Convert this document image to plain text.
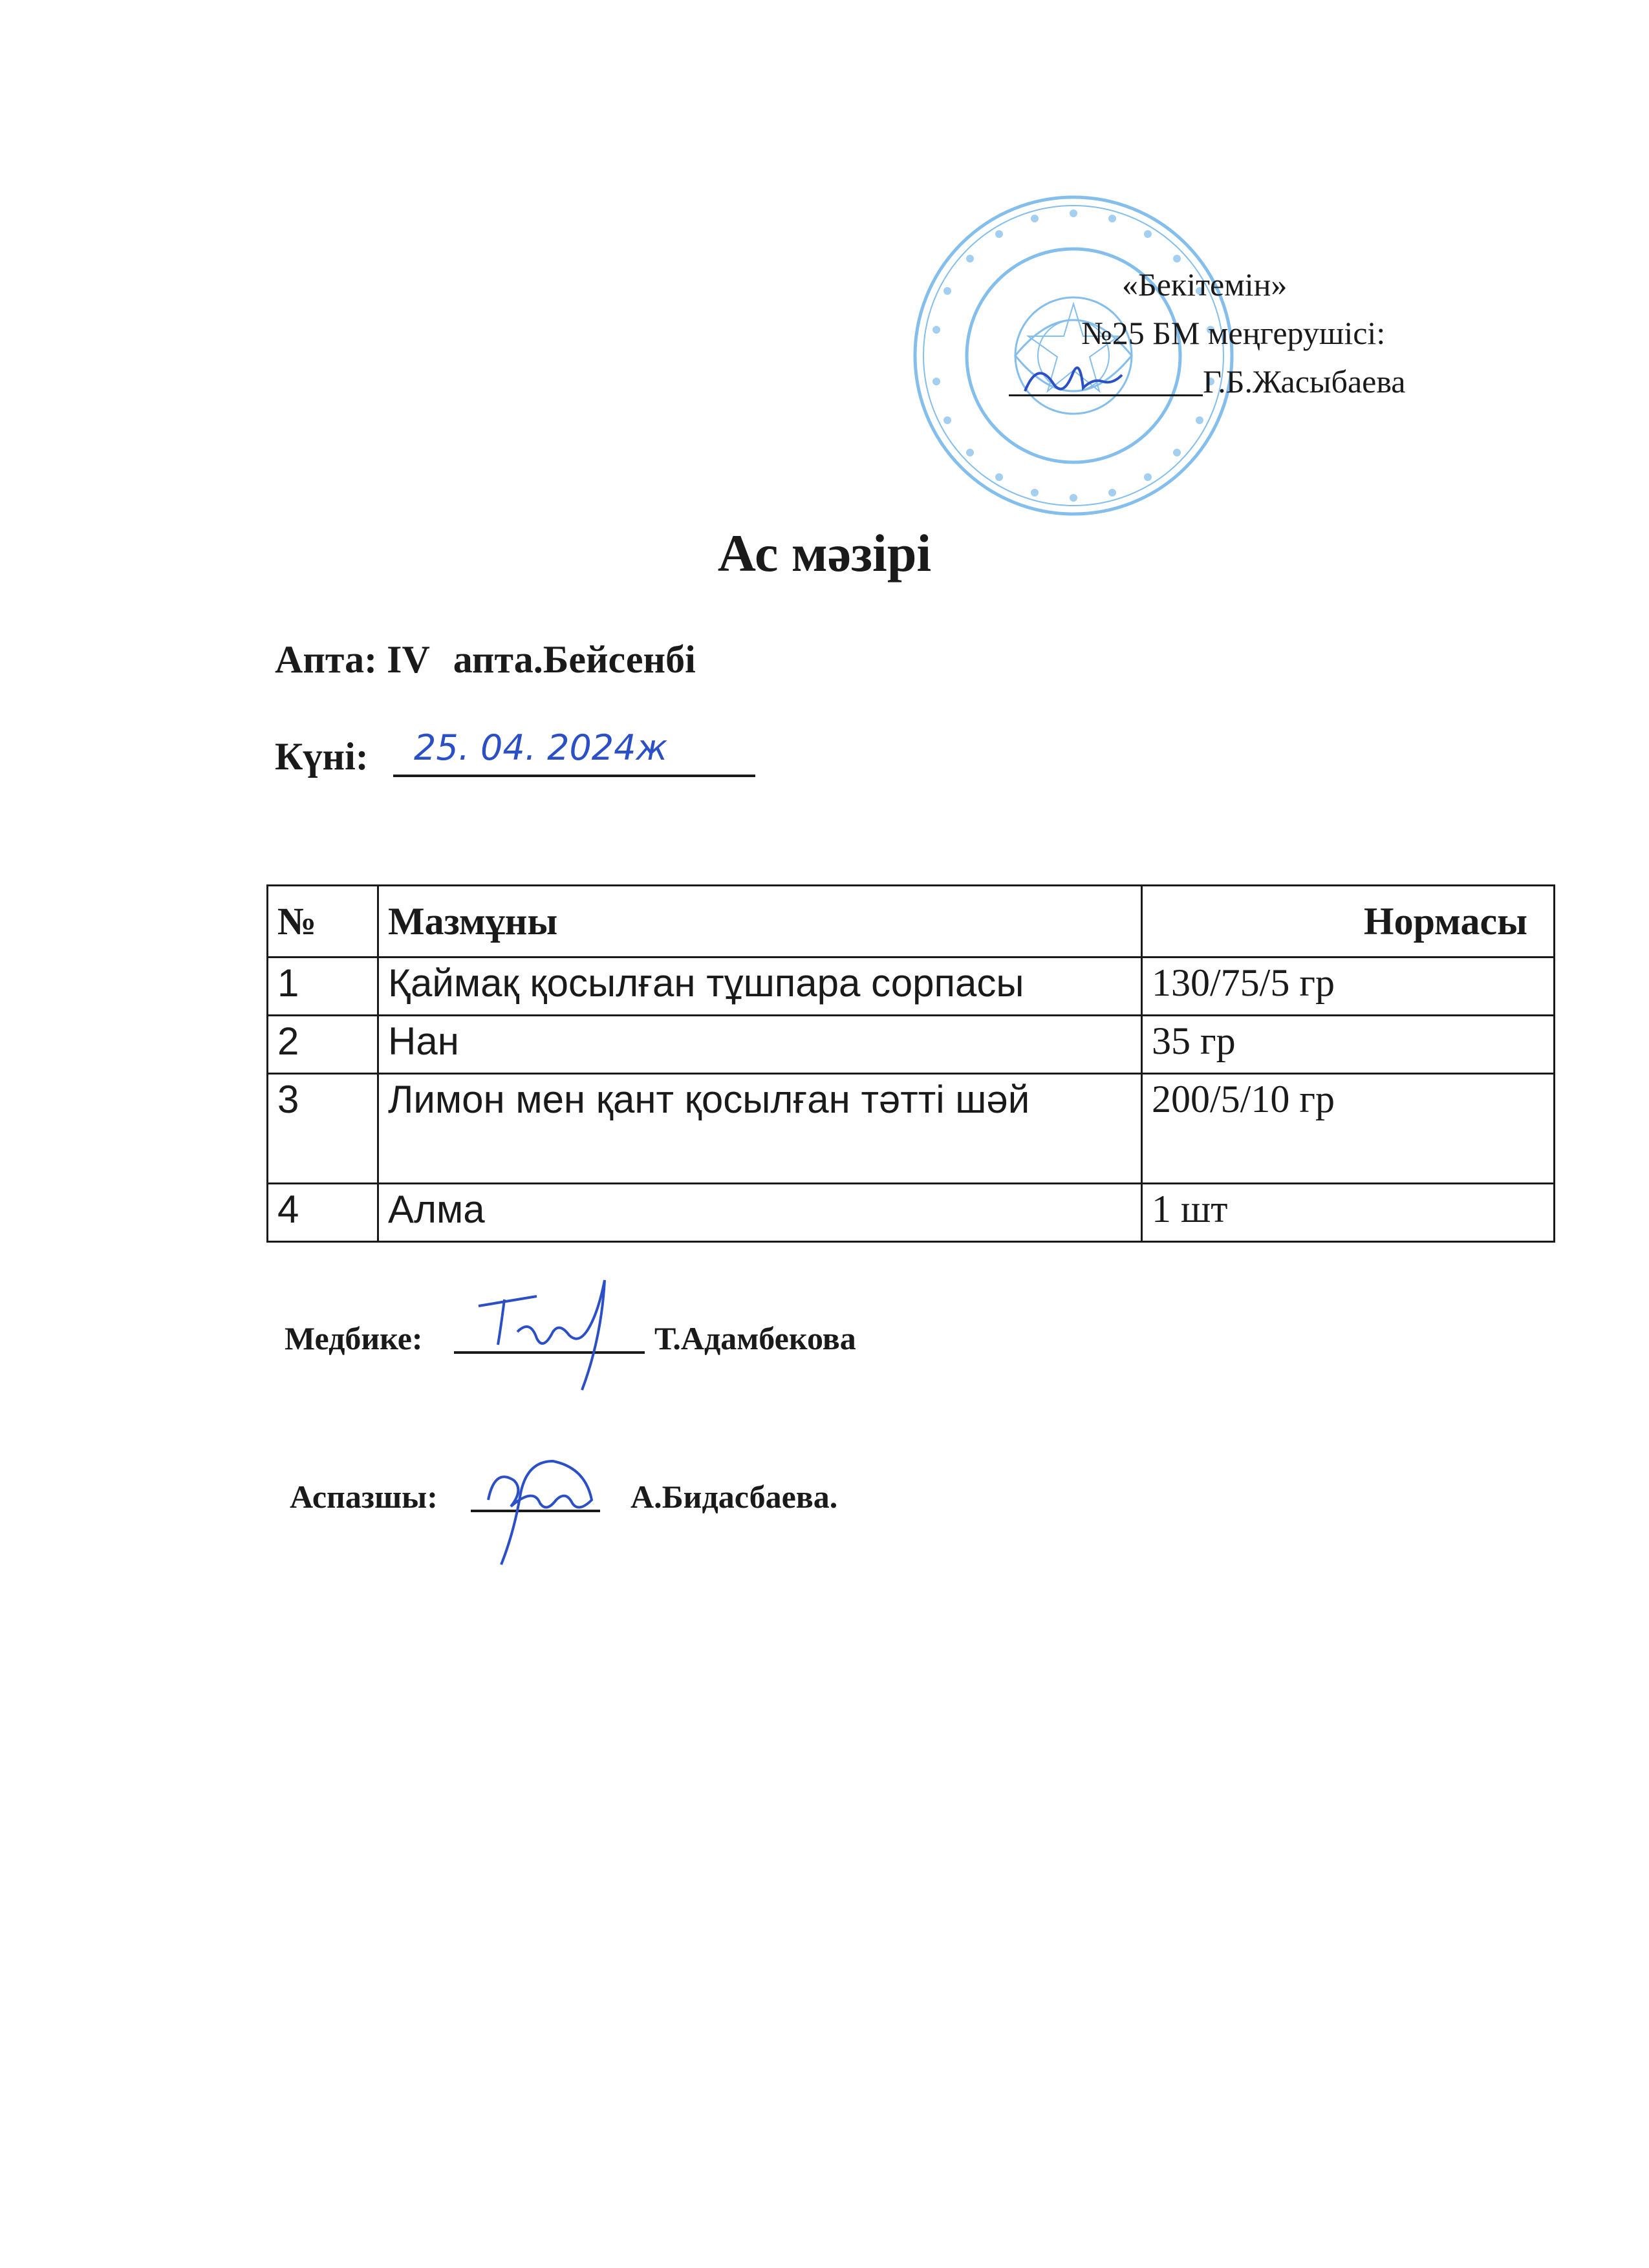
«Бекітемін»
№25 БМ меңгерушісі:
Г.Б.Жасыбаева
Ас мәзірі
Апта: IV апта.Бейсенбі
Күні: 25. 04. 2024ж
№	Мазмұны	Нормасы
1	Қаймақ қосылған тұшпара сорпасы	130/75/5 гр
2	Нан	35 гр
3	Лимон мен қант қосылған тәтті шәй	200/5/10 гр
4	Алма	1 шт
Медбике:	Т.Адамбекова
Аспазшы:	А.Бидасбаева.
